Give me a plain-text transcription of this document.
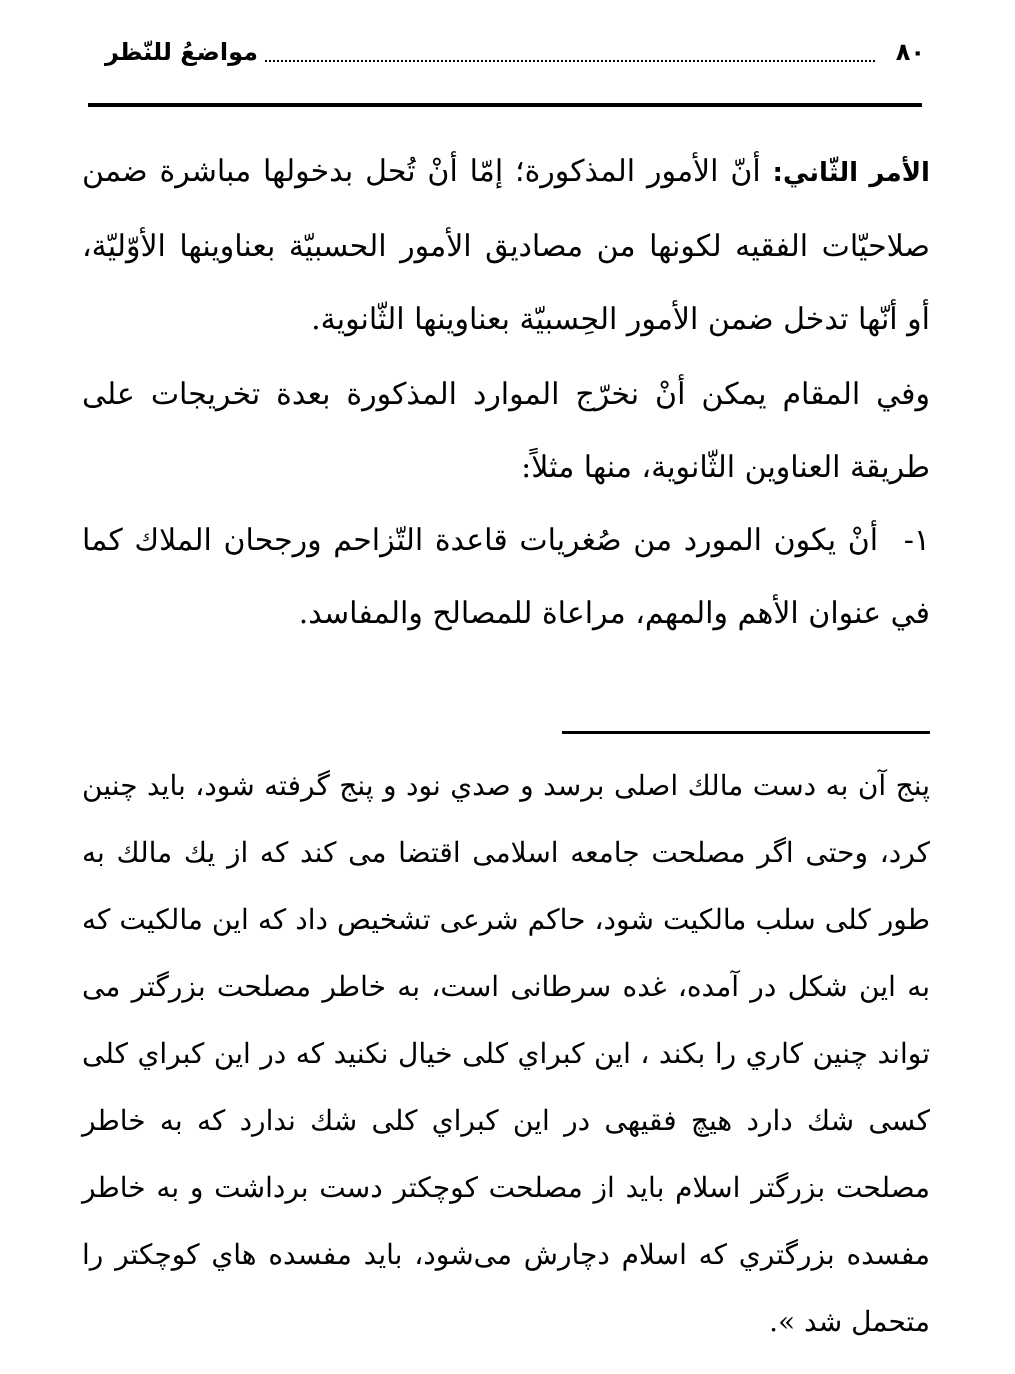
مواضعُ للنّظر	٨٠

الأمر الثّاني: أنّ الأمور المذكورة؛ إمّا أنْ تُحل بدخولها مباشرة ضمن صلاحيّات الفقيه لكونها من مصاديق الأمور الحسبيّة بعناوينها الأوّليّة، أو أنّها تدخل ضمن الأمور الحِسبيّة بعناوينها الثّانوية.

وفي المقام يمكن أنْ نخرّج الموارد المذكورة بعدة تخريجات على طريقة العناوين الثّانوية، منها مثلاً:

١- أنْ يكون المورد من صُغريات قاعدة التّزاحم ورجحان الملاك كما في عنوان الأهم والمهم، مراعاة للمصالح والمفاسد.

پنج آن به دست مالك اصلى برسد و صدي نود و پنج گرفته شود، بايد چنين كرد، وحتى اگر مصلحت جامعه اسلامى اقتضا مى كند كه از يك مالك به طور كلى سلب مالكيت شود، حاكم شرعى تشخيص داد كه اين مالكيت كه به اين شكل در آمده، غده سرطانى است، به خاطر مصلحت بزرگتر مى تواند چنين كاري را بكند ، اين كبراي كلى خيال نكنيد كه در اين كبراي كلى كسى شك دارد هيچ فقيهى در اين كبراي كلى شك ندارد كه به خاطر مصلحت بزرگتر اسلام بايد از مصلحت كوچكتر دست برداشت و به خاطر مفسده بزرگتري كه اسلام دچارش مى‌شود، بايد مفسده هاي كوچكتر را متحمل شد ».
